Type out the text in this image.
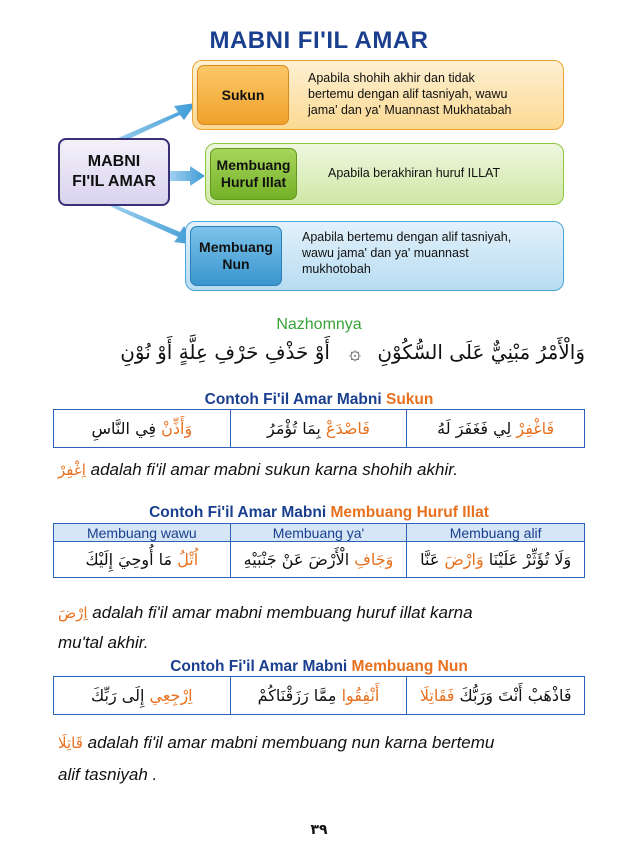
MABNI FI'IL AMAR
MABNI
FI'IL AMAR
Sukun
Apabila shohih akhir dan tidak
bertemu dengan alif tasniyah, wawu
jama' dan ya' Muannast Mukhatabah
Membuang
Huruf Illat
Apabila berakhiran huruf ILLAT
Membuang
Nun
Apabila bertemu dengan alif tasniyah,
wawu jama' dan ya' muannast
mukhotobah
Nazhomnya
وَالْأَمْرُ مَبْنِيٌّ عَلَى السُّكُوْنِ
۞
أَوْ حَذْفِ حَرْفِ عِلَّةٍ أَوْ نُوْنِ
Contoh Fi'il Amar Mabni Sukun
وَأَذِّنْ فِي النَّاسِ	فَاصْدَعْ بِمَا تُؤْمَرُ	فَاغْفِرْ لِي فَغَفَرَ لَهُ
اِغْفِرْ adalah fi'il amar mabni sukun karna shohih akhir.
Contoh Fi'il Amar Mabni Membuang Huruf Illat
Membuang wawu	Membuang ya'	Membuang alif
اُتْلُ مَا أُوحِيَ إِلَيْكَ	وَجَافِ الْأَرْضَ عَنْ جَنْبَيْهِ	وَلَا تُؤَثِّرْ عَلَيْنَا وَارْضَ عَنَّا
اِرْضَ adalah fi'il amar mabni membuang huruf illat karna
mu'tal akhir.
Contoh Fi'il Amar Mabni Membuang Nun
اِرْجِعِي إِلَى رَبِّكَ	أَنْفِقُوا مِمَّا رَزَقْنَاكُمْ	فَاذْهَبْ أَنْتَ وَرَبُّكَ فَقَاتِلَا
قَاتِلَا adalah fi'il amar mabni membuang nun karna bertemu
alif tasniyah .
٣٩
